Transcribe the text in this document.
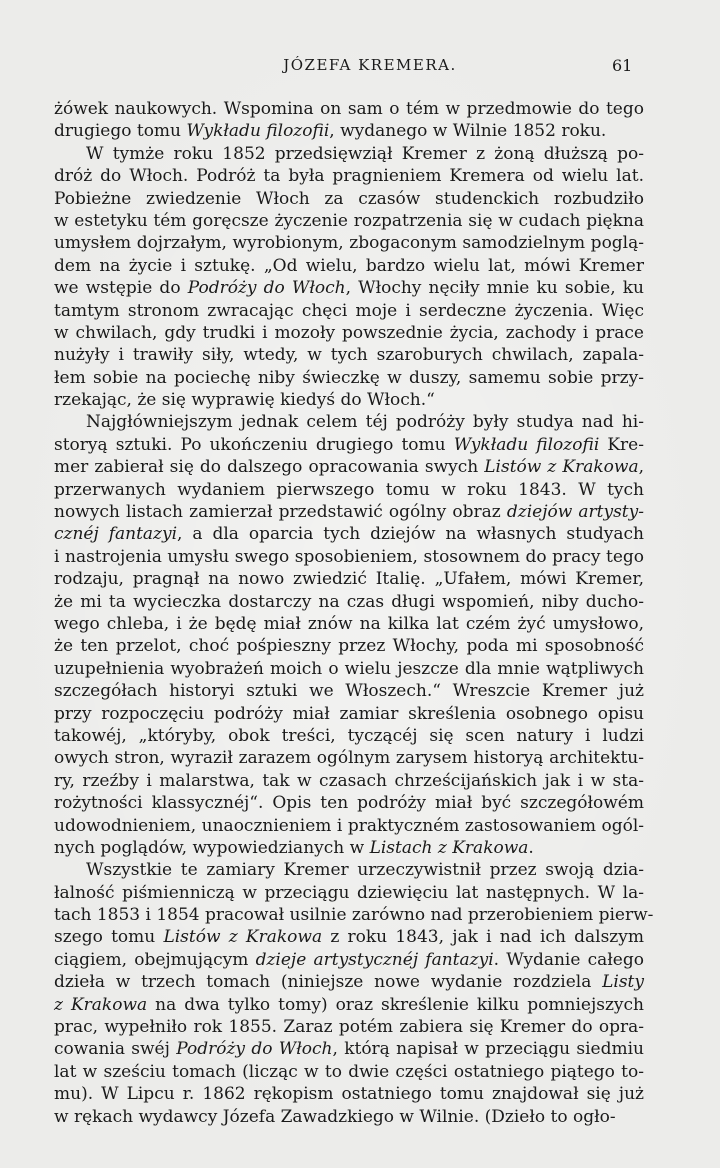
JÓZEFA KREMERA.	61
żówek naukowych. Wspomina on sam o tém w przedmowie do tego
drugiego tomu Wykładu filozofii, wydanego w Wilnie 1852 roku.
W tymże roku 1852 przedsięwziął Kremer z żoną dłuższą po-
dróż do Włoch. Podróż ta była pragnieniem Kremera od wielu lat.
Pobieżne zwiedzenie Włoch za czasów studenckich rozbudziło
w estetyku tém goręcsze życzenie rozpatrzenia się w cudach piękna
umysłem dojrzałym, wyrobionym, zbogaconym samodzielnym poglą-
dem na życie i sztukę. „Od wielu, bardzo wielu lat, mówi Kremer
we wstępie do Podróży do Włoch, Włochy nęciły mnie ku sobie, ku
tamtym stronom zwracając chęci moje i serdeczne życzenia. Więc
w chwilach, gdy trudki i mozoły powszednie życia, zachody i prace
nużyły i trawiły siły, wtedy, w tych szaroburych chwilach, zapala-
łem sobie na pociechę niby świeczkę w duszy, samemu sobie przy-
rzekając, że się wyprawię kiedyś do Włoch.“
Najgłówniejszym jednak celem téj podróży były studya nad hi-
storyą sztuki. Po ukończeniu drugiego tomu Wykładu filozofii Kre-
mer zabierał się do dalszego opracowania swych Listów z Krakowa,
przerwanych wydaniem pierwszego tomu w roku 1843. W tych
nowych listach zamierzał przedstawić ogólny obraz dziejów artysty-
cznéj fantazyi, a dla oparcia tych dziejów na własnych studyach
i nastrojenia umysłu swego sposobieniem, stosownem do pracy tego
rodzaju, pragnął na nowo zwiedzić Italię. „Ufałem, mówi Kremer,
że mi ta wycieczka dostarczy na czas długi wspomień, niby ducho-
wego chleba, i że będę miał znów na kilka lat czém żyć umysłowo,
że ten przelot, choć pośpieszny przez Włochy, poda mi sposobność
uzupełnienia wyobrażeń moich o wielu jeszcze dla mnie wątpliwych
szczegółach historyi sztuki we Włoszech.“ Wreszcie Kremer już
przy rozpoczęciu podróży miał zamiar skreślenia osobnego opisu
takowéj, „któryby, obok treści, tyczącéj się scen natury i ludzi
owych stron, wyraził zarazem ogólnym zarysem historyą architektu-
ry, rzeźby i malarstwa, tak w czasach chrześcijańskich jak i w sta-
rożytności klassycznéj“. Opis ten podróży miał być szczegółowém
udowodnieniem, unaocznieniem i praktyczném zastosowaniem ogól-
nych poglądów, wypowiedzianych w Listach z Krakowa.
Wszystkie te zamiary Kremer urzeczywistnił przez swoją dzia-
łalność piśmienniczą w przeciągu dziewięciu lat następnych. W la-
tach 1853 i 1854 pracował usilnie zarówno nad przerobieniem pierw-
szego tomu Listów z Krakowa z roku 1843, jak i nad ich dalszym
ciągiem, obejmującym dzieje artystycznéj fantazyi. Wydanie całego
dzieła w trzech tomach (niniejsze nowe wydanie rozdziela Listy
z Krakowa na dwa tylko tomy) oraz skreślenie kilku pomniejszych
prac, wypełniło rok 1855. Zaraz potém zabiera się Kremer do opra-
cowania swéj Podróży do Włoch, którą napisał w przeciągu siedmiu
lat w sześciu tomach (licząc w to dwie części ostatniego piątego to-
mu). W Lipcu r. 1862 rękopism ostatniego tomu znajdował się już
w rękach wydawcy Józefa Zawadzkiego w Wilnie. (Dzieło to ogło-
